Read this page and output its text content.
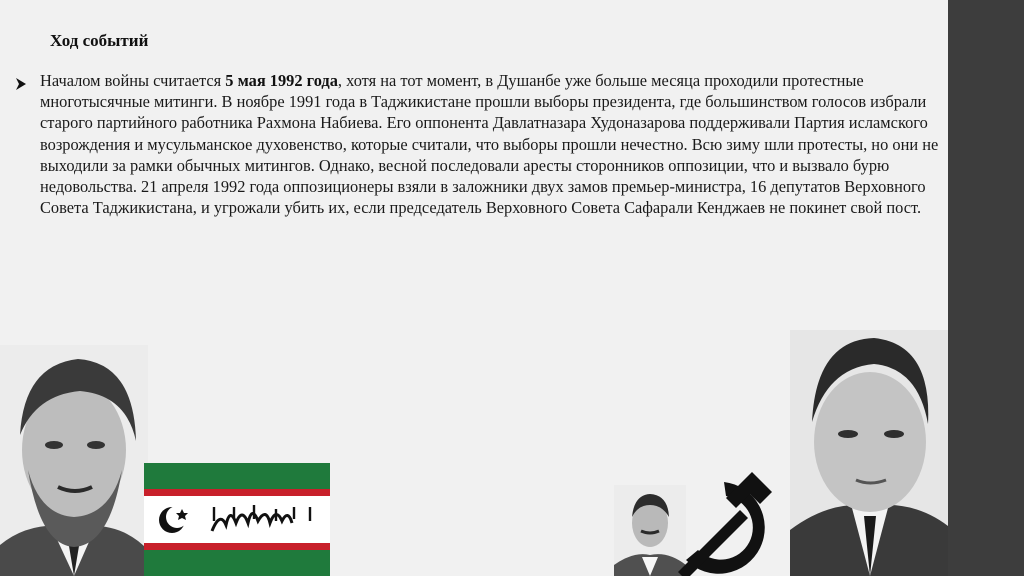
Ход событий
Началом войны считается 5 мая 1992 года, хотя на тот момент, в Душанбе уже больше месяца проходили протестные многотысячные митинги. В ноябре 1991 года в Таджикистане прошли выборы президента, где большинством голосов избрали старого партийного работника Рахмона Набиева. Его оппонента Давлатназара Худоназарова поддерживали Партия исламского возрождения и мусульманское духовенство, которые считали, что выборы прошли нечестно. Всю зиму шли протесты, но они не выходили за рамки обычных митингов. Однако, весной последовали аресты сторонников оппозиции, что и вызвало бурю недовольства. 21 апреля 1992 года оппозиционеры взяли в заложники двух замов премьер-министра, 16 депутатов Верховного Совета Таджикистана, и угрожали убить их, если председатель Верховного Совета Сафарали Кенджаев не покинет свой пост.
